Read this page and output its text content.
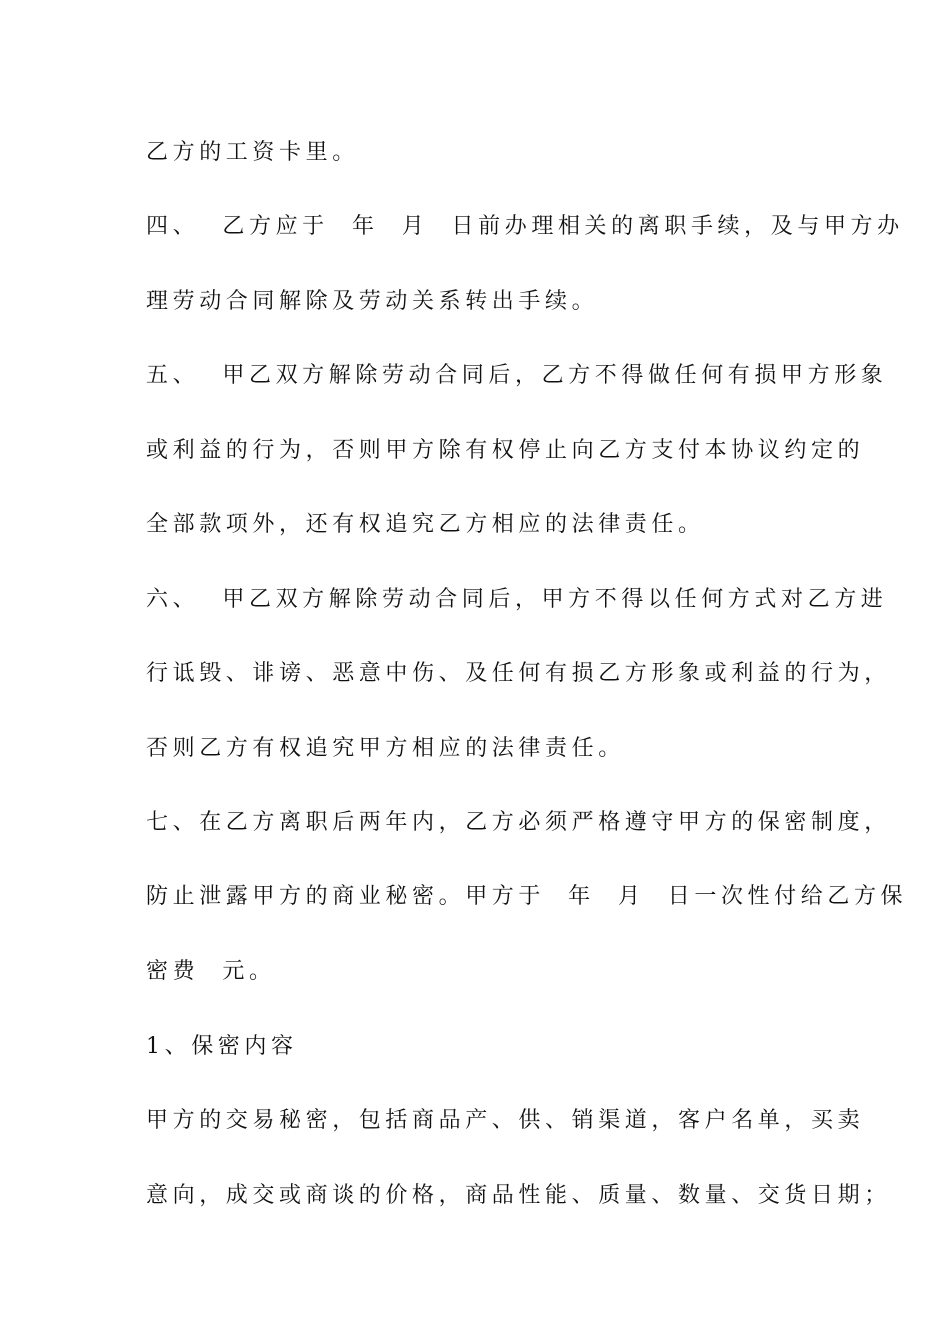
乙方的工资卡里。
四、  乙方应于  年  月  日前办理相关的离职手续，及与甲方办
理劳动合同解除及劳动关系转出手续。
五、  甲乙双方解除劳动合同后，乙方不得做任何有损甲方形象
或利益的行为，否则甲方除有权停止向乙方支付本协议约定的
全部款项外，还有权追究乙方相应的法律责任。
六、  甲乙双方解除劳动合同后，甲方不得以任何方式对乙方进
行诋毁、诽谤、恶意中伤、及任何有损乙方形象或利益的行为，
否则乙方有权追究甲方相应的法律责任。
七、在乙方离职后两年内，乙方必须严格遵守甲方的保密制度，
防止泄露甲方的商业秘密。甲方于  年  月  日一次性付给乙方保
密费  元。
1、保密内容
甲方的交易秘密，包括商品产、供、销渠道，客户名单，买卖
意向，成交或商谈的价格，商品性能、质量、数量、交货日期；
